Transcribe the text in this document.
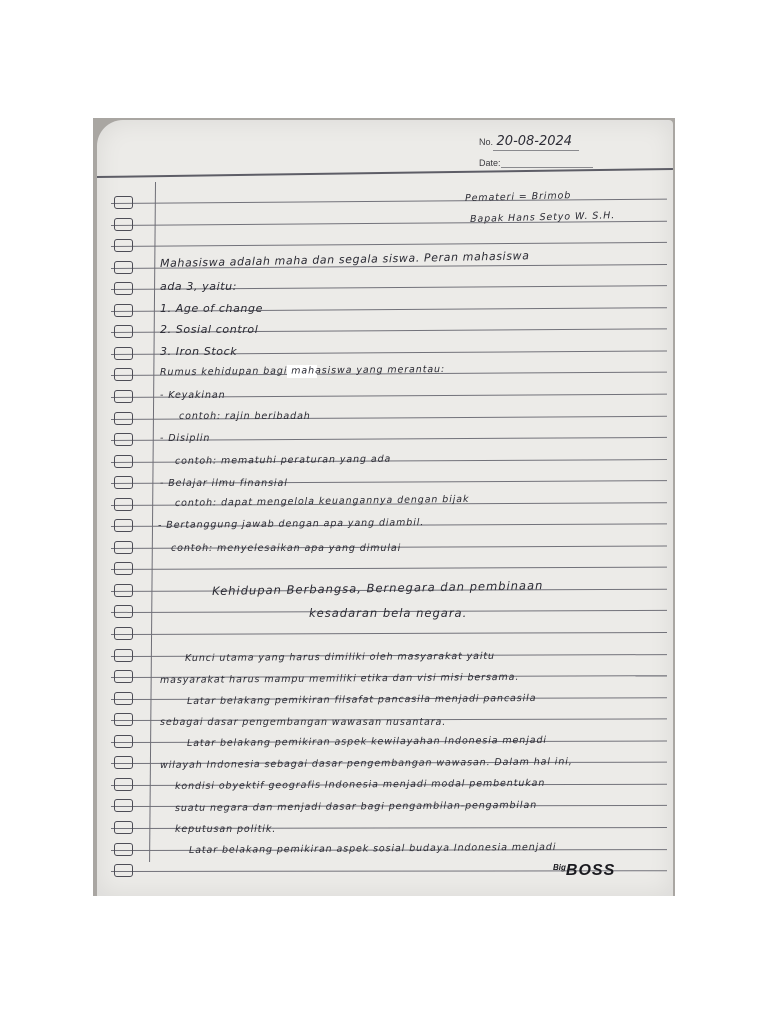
No. 20-08-2024
Date:
Pemateri = Brimob
Bapak Hans Setyo W. S.H.
Mahasiswa adalah maha dan segala siswa. Peran mahasiswa
ada 3, yaitu:
1. Age of change
2. Sosial control
3. Iron Stock
Rumus kehidupan bagi mahasiswa yang merantau:
- Keyakinan
contoh: rajin beribadah
- Disiplin
contoh: mematuhi peraturan yang ada
- Belajar ilmu finansial
contoh: dapat mengelola keuangannya dengan bijak
- Bertanggung jawab dengan apa yang diambil.
contoh: menyelesaikan apa yang dimulai
Kehidupan Berbangsa, Bernegara dan pembinaan
kesadaran bela negara.
Kunci utama yang harus dimiliki oleh masyarakat yaitu
masyarakat harus mampu memiliki etika dan visi misi bersama.
Latar belakang pemikiran filsafat pancasila menjadi pancasila
sebagai dasar pengembangan wawasan nusantara.
Latar belakang pemikiran aspek kewilayahan Indonesia menjadi
wilayah Indonesia sebagai dasar pengembangan wawasan. Dalam hal ini,
kondisi obyektif geografis Indonesia menjadi modal pembentukan
suatu negara dan menjadi dasar bagi pengambilan-pengambilan
keputusan politik.
Latar belakang pemikiran aspek sosial budaya Indonesia menjadi
$^{Big}$BOSS
